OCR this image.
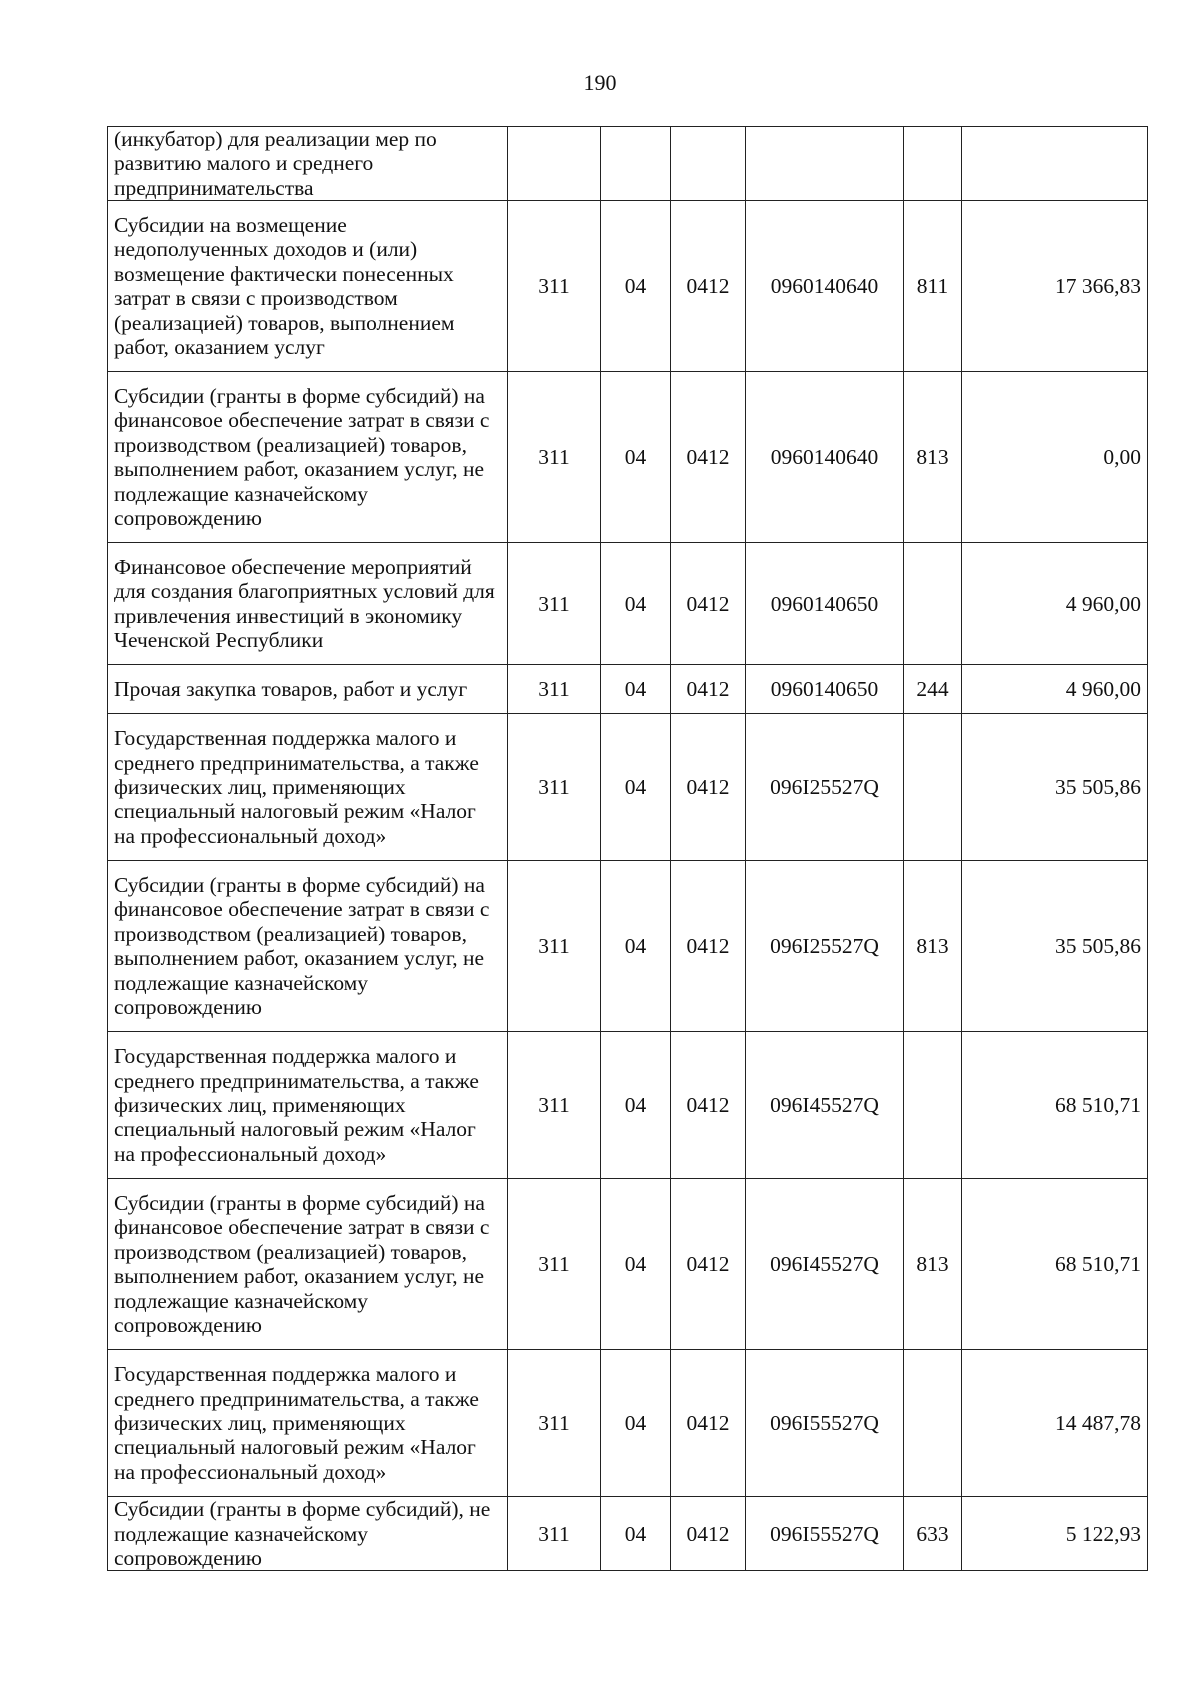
190
(инкубатор) для реализации мер по развитию малого и среднего предпринимательства						
Субсидии на возмещение недополученных доходов и (или) возмещение фактически понесенных затрат в связи с производством (реализацией) товаров, выполнением работ, оказанием услуг	311	04	0412	0960140640	811	17 366,83
Субсидии (гранты в форме субсидий) на финансовое обеспечение затрат в связи с производством (реализацией) товаров, выполнением работ, оказанием услуг, не подлежащие казначейскому сопровождению	311	04	0412	0960140640	813	0,00
Финансовое обеспечение мероприятий для создания благоприятных условий для привлечения инвестиций в экономику Чеченской Республики	311	04	0412	0960140650		4 960,00
Прочая закупка товаров, работ и услуг	311	04	0412	0960140650	244	4 960,00
Государственная поддержка малого и среднего предпринимательства, а также физических лиц, применяющих специальный налоговый режим «Налог на профессиональный доход»	311	04	0412	096I25527Q		35 505,86
Субсидии (гранты в форме субсидий) на финансовое обеспечение затрат в связи с производством (реализацией) товаров, выполнением работ, оказанием услуг, не подлежащие казначейскому сопровождению	311	04	0412	096I25527Q	813	35 505,86
Государственная поддержка малого и среднего предпринимательства, а также физических лиц, применяющих специальный налоговый режим «Налог на профессиональный доход»	311	04	0412	096I45527Q		68 510,71
Субсидии (гранты в форме субсидий) на финансовое обеспечение затрат в связи с производством (реализацией) товаров, выполнением работ, оказанием услуг, не подлежащие казначейскому сопровождению	311	04	0412	096I45527Q	813	68 510,71
Государственная поддержка малого и среднего предпринимательства, а также физических лиц, применяющих специальный налоговый режим «Налог на профессиональный доход»	311	04	0412	096I55527Q		14 487,78
Субсидии (гранты в форме субсидий), не подлежащие казначейскому сопровождению	311	04	0412	096I55527Q	633	5 122,93
